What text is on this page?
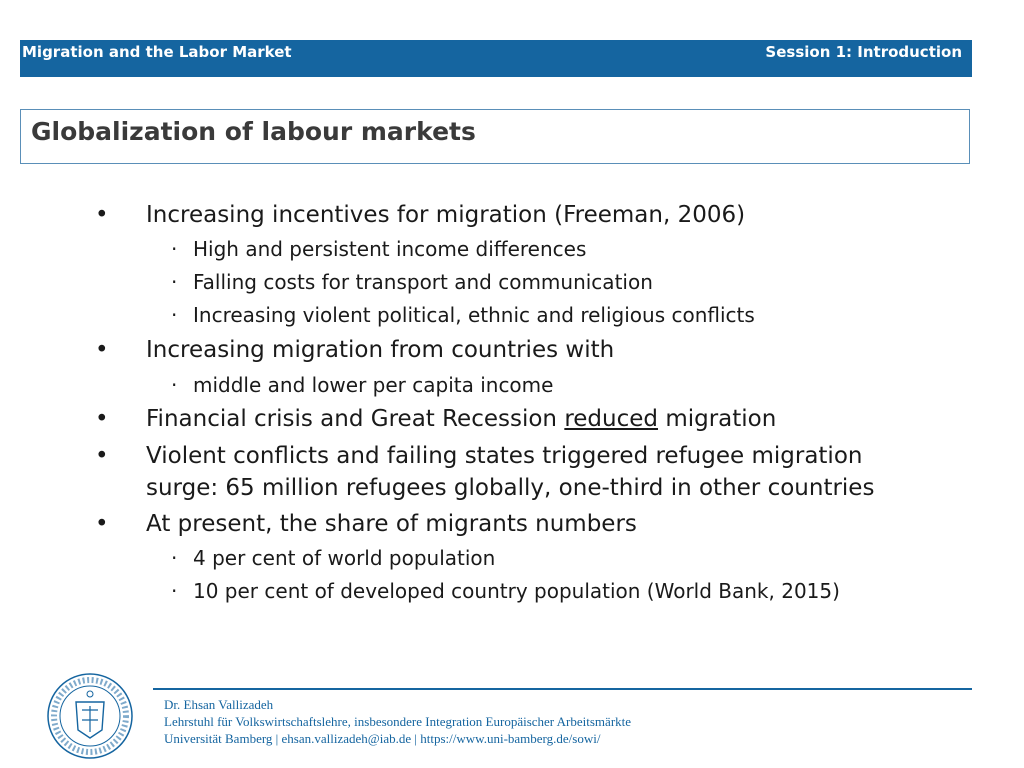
Migration and the Labor Market	Session 1: Introduction
Globalization of labour markets
• Increasing incentives for migration (Freeman, 2006)
· High and persistent income differences
· Falling costs for transport and communication
· Increasing violent political, ethnic and religious conflicts
• Increasing migration from countries with
· middle and lower per capita income
• Financial crisis and Great Recession reduced migration
• Violent conflicts and failing states triggered refugee migration
surge: 65 million refugees globally, one-third in other countries
• At present, the share of migrants numbers
· 4 per cent of world population
· 10 per cent of developed country population (World Bank, 2015)
Dr. Ehsan Vallizadeh
Lehrstuhl für Volkswirtschaftslehre, insbesondere Integration Europäischer Arbeitsmärkte
Universität Bamberg | ehsan.vallizadeh@iab.de | https://www.uni-bamberg.de/sowi/
